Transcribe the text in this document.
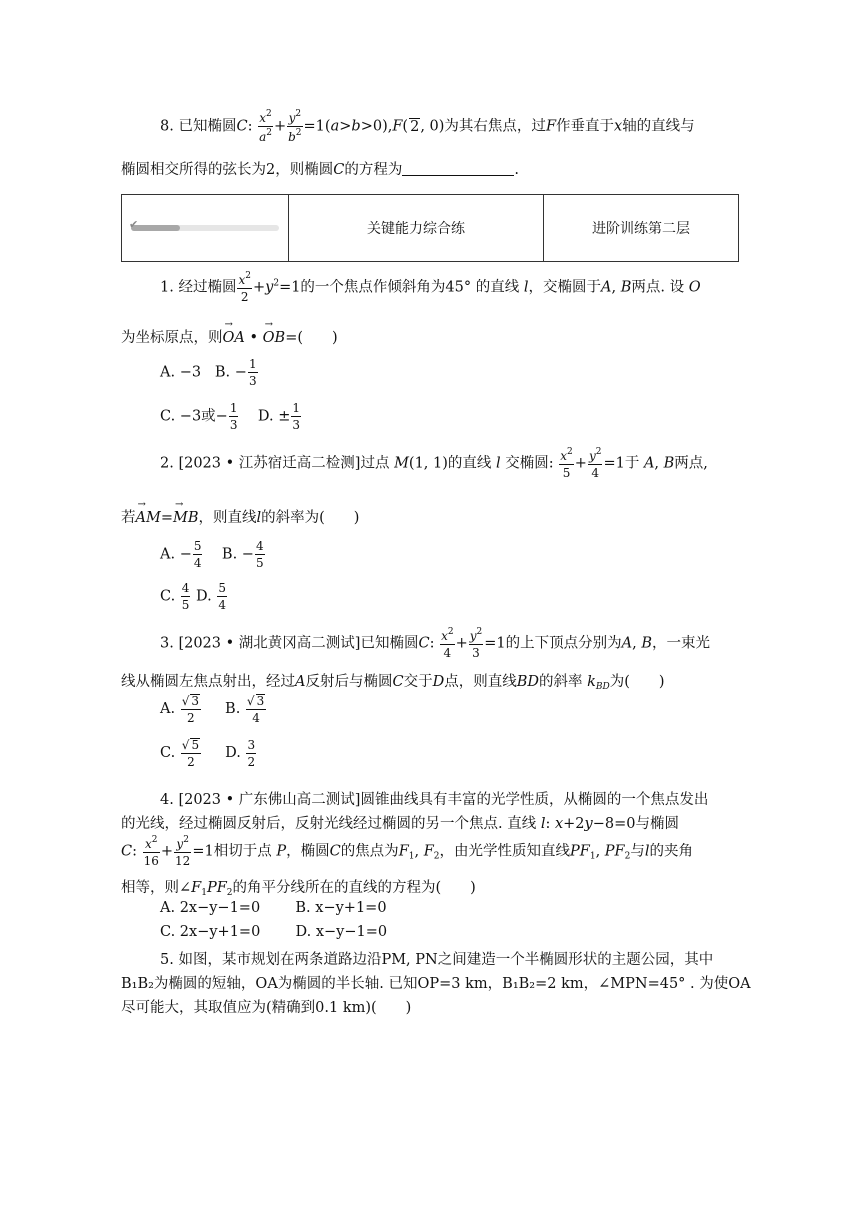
8. 已知椭圆C: $\frac{x^2}{a^2} + \frac{y^2}{b^2} =1(a>b>0),F$( 2, 0)为其右焦点，过F作垂直于x轴的直线与
椭圆相交所得的弦长为2，则椭圆C的方程为	.
✔	关键能力综合练	进阶训练第二层
1. 经过椭圆 $\frac{x^2}{2} +y^2=1$的一个焦点作倾斜角为45° 的直线 l，交椭圆于A, B两点. 设 O
为坐标原点，则→ OA • → OB=(　　)
A. −3 B. − $\frac{1}{3}$
C. −3或− $\frac{1}{3} D$. ± $\frac{1}{3}$
2. [2023 • 江苏宿迁高二检测]过点 M(1, 1)的直线 l 交椭圆: $\frac{x^2}{5} + \frac{y^2}{4} =1$于 A, B两点,
若→ AM=→ MB，则直线l的斜率为(　　)
A. − $\frac{5}{4} B$. − $\frac{4}{5}$
C. $\frac{4}{5} D$. $\frac{5}{4}$
3. [2023 • 湖北黄冈高二测试]已知椭圆C: $\frac{x^2}{4} + \frac{y^2}{3} =1$的上下顶点分别为A, B，一束光
线从椭圆左焦点射出，经过A反射后与椭圆C交于D点，则直线BD的斜率 $k_{BD}$为(　　)
A. $\frac{√ 3}{2} B$. $\frac{√ 3}{4}$
C. $\frac{√ 5}{2} D$. $\frac{3}{2}$
4. [2023 • 广东佛山高二测试]圆锥曲线具有丰富的光学性质，从椭圆的一个焦点发出
的光线，经过椭圆反射后，反射光线经过椭圆的另一个焦点. 直线 l: x+2y−8=0与椭圆
C: $\frac{x^2}{16} + \frac{y^2}{12} =1$相切于点 P，椭圆C的焦点为$F_1$, $F_2$，由光学性质知直线$PF_1$, $PF_2$与l的夹角
相等，则$\angle F_1PF_2$的角平分线所在的直线的方程为(　　)
A. 2x−y−1=0 B. x−y+1=0
C. 2x−y+1=0 D. x−y−1=0
5. 如图，某市规划在两条道路边沿PM, PN之间建造一个半椭圆形状的主题公园，其中
B₁B₂为椭圆的短轴，OA为椭圆的半长轴. 已知OP=3 km，B₁B₂=2 km，∠MPN=45° . 为使OA
尽可能大，其取值应为(精确到0.1 km)(　　)
